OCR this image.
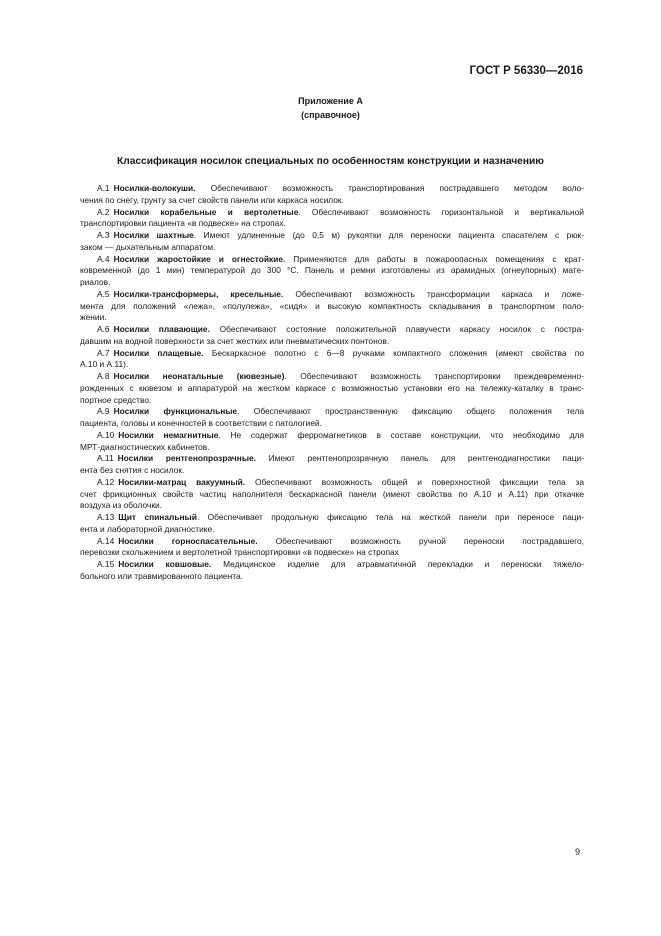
ГОСТ Р 56330—2016
Приложение А
(справочное)
Классификация носилок специальных по особенностям конструкции и назначению
А.1 Носилки-волокуши. Обеспечивают возможность транспортирования пострадавшего методом воло-
чения по снегу, грунту за счет свойств панели или каркаса носилок.
А.2 Носилки корабельные и вертолетные. Обеспечивают возможность горизонтальной и вертикальной
транспортировки пациента «в подвеске» на стропах.
А.3 Носилки шахтные. Имеют удлиненные (до 0,5 м) рукоятки для переноски пациента спасателем с рюк-
заком — дыхательным аппаратом.
А.4 Носилки жаростойкие и огнестойкие. Применяются для работы в пожароопасных помещениях с крат-
ковременной (до 1 мин) температурой до 300 °С. Панель и ремни изготовлены из арамидных (огнеупорных) мате-
риалов.
А.5 Носилки-трансформеры, кресельные. Обеспечивают возможность трансформации каркаса и ложе-
мента для положений «лежа», «полулежа», «сидя» и высокую компактность складывания в транспортном поло-
жении.
А.6 Носилки плавающие. Обеспечивают состояние положительной плавучести каркасу носилок с постра-
давшим на водной поверхности за счет жестких или пневматических понтонов.
А.7 Носилки плащевые. Бескаркасное полотно с 6—8 ручками компактного сложения (имеют свойства по
А.10 и А.11).
А.8 Носилки неонатальные (кювезные). Обеспечивают возможность транспортировки преждевременно-
рожденных с кювезом и аппаратурой на жестком каркасе с возможностью установки его на тележку-каталку в транс-
портное средство.
А.9 Носилки функциональные. Обеспечивают пространственную фиксацию общего положения тела
пациента, головы и конечностей в соответствии с патологией.
А.10 Носилки немагнитные. Не содержат ферромагнетиков в составе конструкции, что необходимо для
МРТ-диагностических кабинетов.
А.11 Носилки рентгенопрозрачные. Имеют рентгенопрозрачную панель для рентгенодиагностики паци-
ента без снятия с носилок.
А.12 Носилки-матрац вакуумный. Обеспечивают возможность общей и поверхностной фиксации тела за
счет фрикционных свойств частиц наполнителя бескаркасной панели (имеют свойства по А.10 и А.11) при откачке
воздуха из оболочки.
А.13 Щит спинальный. Обеспечивает продольную фиксацию тела на жесткой панели при переносе паци-
ента и лабораторной диагностике.
А.14 Носилки горноспасательные. Обеспечивают возможность ручной переноски пострадавшего,
перевозки скольжением и вертолетной транспортировки «в подвеске» на стропах
А.15 Носилки ковшовые. Медицинское изделие для атравматичной перекладки и переноски тяжело-
больного или травмированного пациента.
9
